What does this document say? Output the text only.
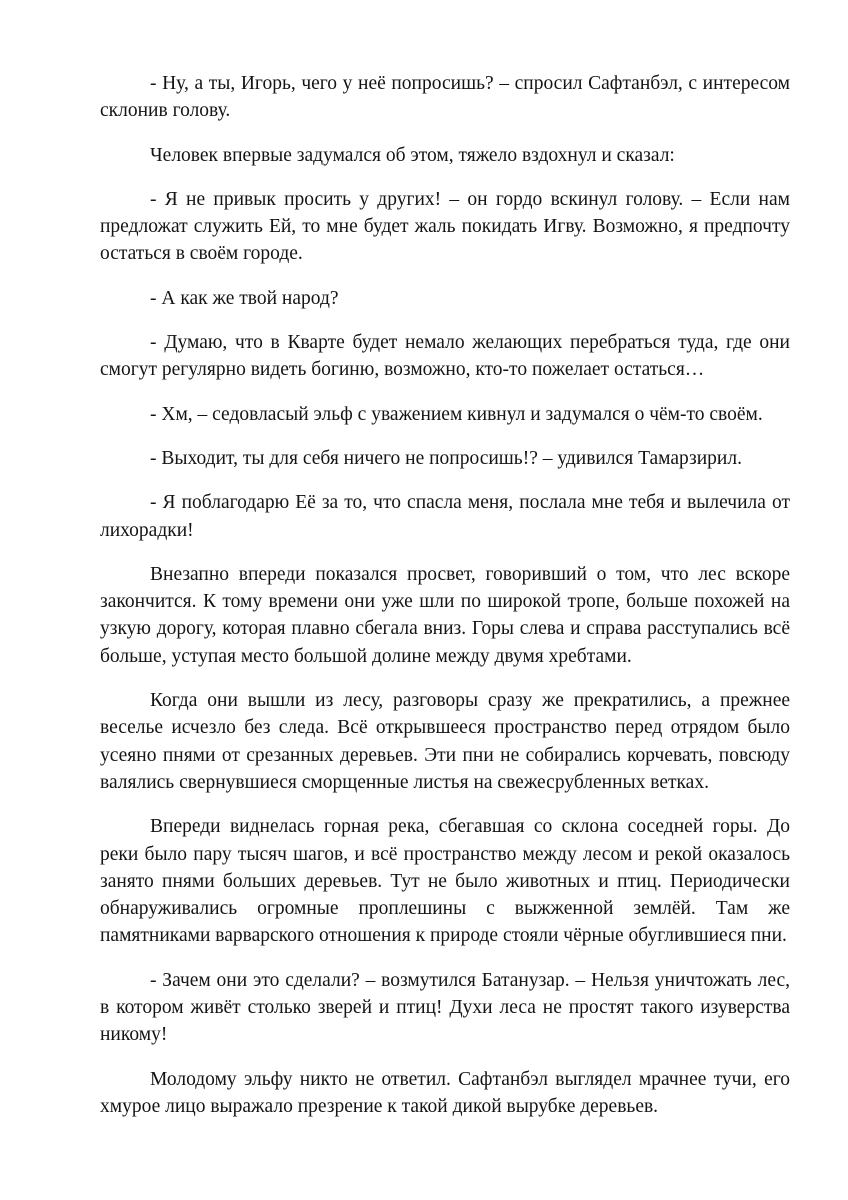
- Ну, а ты, Игорь, чего у неё попросишь? – спросил Сафтанбэл, с интересом склонив голову.

Человек впервые задумался об этом, тяжело вздохнул и сказал:

- Я не привык просить у других! – он гордо вскинул голову. – Если нам предложат служить Ей, то мне будет жаль покидать Игву. Возможно, я предпочту остаться в своём городе.

- А как же твой народ?

- Думаю, что в Кварте будет немало желающих перебраться туда, где они смогут регулярно видеть богиню, возможно, кто-то пожелает остаться…

- Хм, – седовласый эльф с уважением кивнул и задумался о чём-то своём.

- Выходит, ты для себя ничего не попросишь!? – удивился Тамарзирил.

- Я поблагодарю Её за то, что спасла меня, послала мне тебя и вылечила от лихорадки!

Внезапно впереди показался просвет, говоривший о том, что лес вскоре закончится. К тому времени они уже шли по широкой тропе, больше похожей на узкую дорогу, которая плавно сбегала вниз. Горы слева и справа расступались всё больше, уступая место большой долине между двумя хребтами.

Когда они вышли из лесу, разговоры сразу же прекратились, а прежнее веселье исчезло без следа. Всё открывшееся пространство перед отрядом было усеяно пнями от срезанных деревьев. Эти пни не собирались корчевать, повсюду валялись свернувшиеся сморщенные листья на свежесрубленных ветках.

Впереди виднелась горная река, сбегавшая со склона соседней горы. До реки было пару тысяч шагов, и всё пространство между лесом и рекой оказалось занято пнями больших деревьев. Тут не было животных и птиц. Периодически обнаруживались огромные проплешины с выжженной землёй. Там же памятниками варварского отношения к природе стояли чёрные обуглившиеся пни.

- Зачем они это сделали? – возмутился Батанузар. – Нельзя уничтожать лес, в котором живёт столько зверей и птиц! Духи леса не простят такого изуверства никому!

Молодому эльфу никто не ответил. Сафтанбэл выглядел мрачнее тучи, его хмурое лицо выражало презрение к такой дикой вырубке деревьев.
